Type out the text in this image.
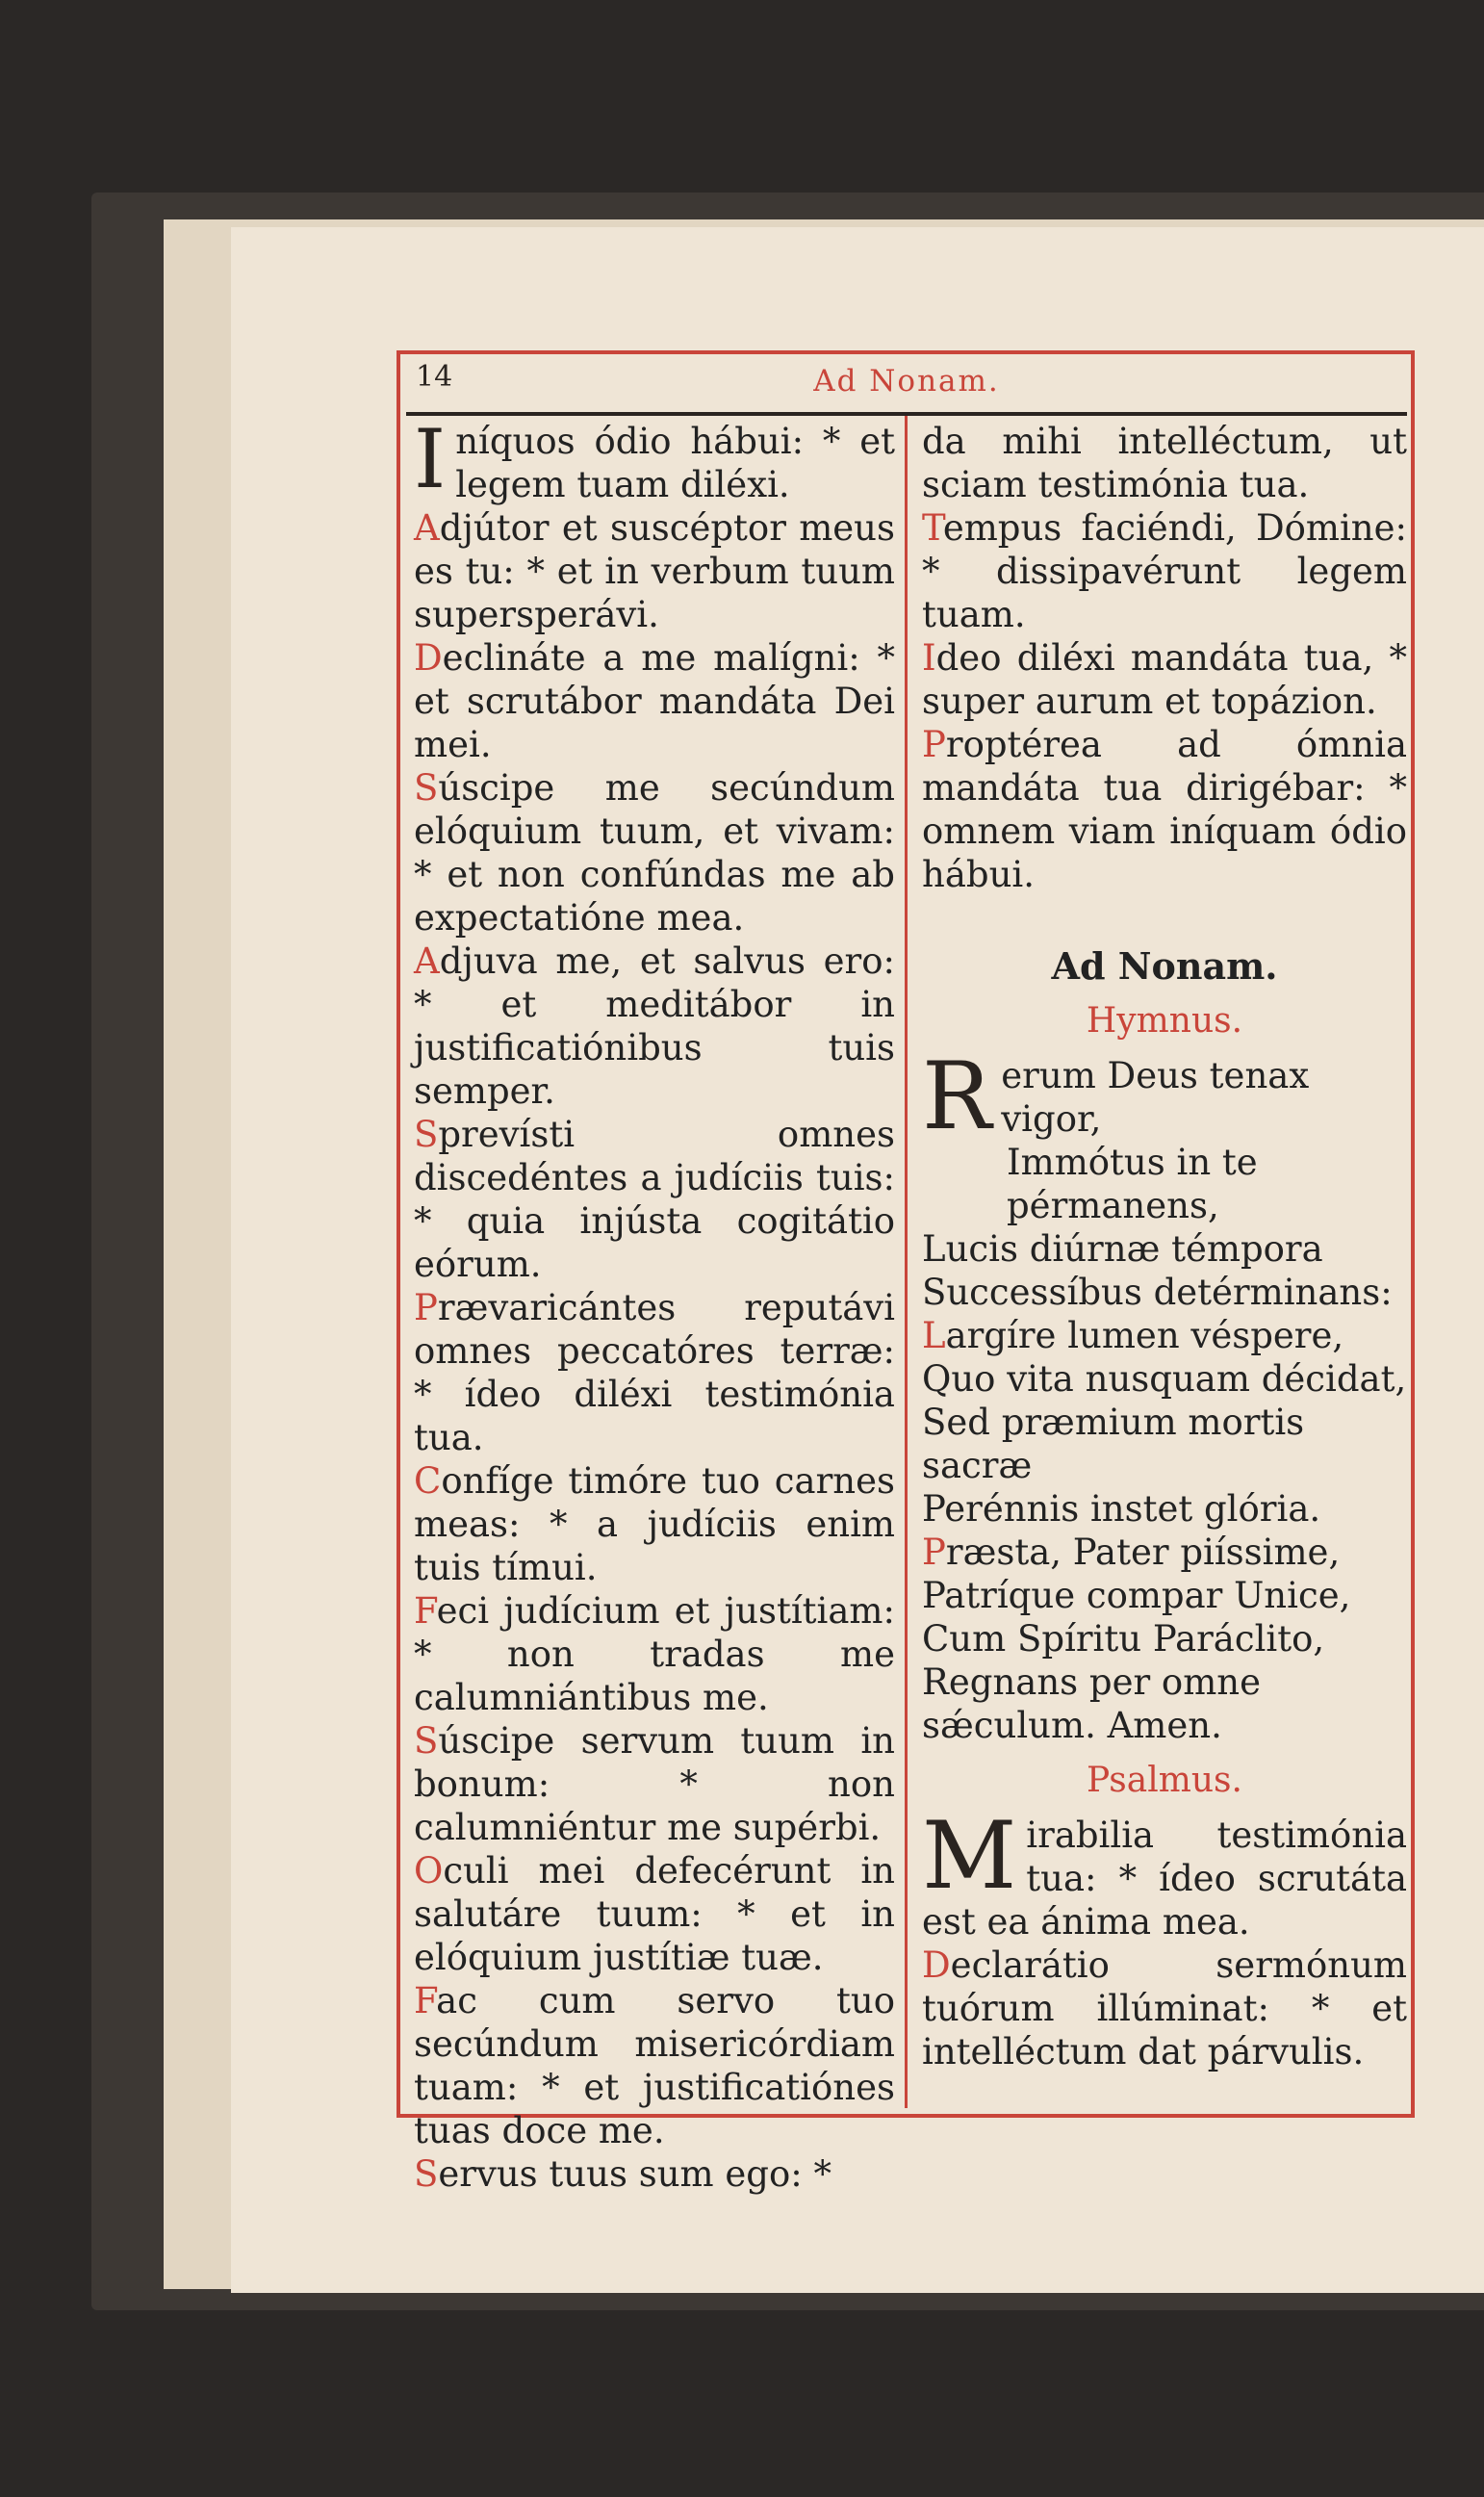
14	Ad Nonam.
Iníquos ódio hábui: * et legem tuam diléxi.
Adjútor et suscéptor meus es tu: * et in verbum tuum supersperávi.
Declináte a me malígni: * et scrutábor mandáta Dei mei.
Súscipe me secúndum elóquium tuum, et vivam: * et non confúndas me ab expectatióne mea.
Adjuva me, et salvus ero: * et meditábor in justificatiónibus tuis semper.
Sprevísti omnes discedéntes a judíciis tuis: * quia injústa cogitátio eórum.
Prævaricántes reputávi omnes peccatóres terræ: * ídeo diléxi testimónia tua.
Confíge timóre tuo carnes meas: * a judíciis enim tuis tímui.
Feci judícium et justítiam: * non tradas me calumniántibus me.
Súscipe servum tuum in bonum: * non calumniéntur me supérbi.
Oculi mei defecérunt in salutáre tuum: * et in elóquium justítiæ tuæ.
Fac cum servo tuo secúndum misericórdiam tuam: * et justificatiónes tuas doce me.
Servus tuus sum ego: *
da mihi intelléctum, ut sciam testimónia tua.
Tempus faciéndi, Dómine: * dissipavérunt legem tuam.
Ideo diléxi mandáta tua, * super aurum et topázion.
Proptérea ad ómnia mandáta tua dirigébar: * omnem viam iníquam ódio hábui.
Ad Nonam.
Hymnus.
R erum Deus tenax vigor,
Immótus in te pérmanens,
Lucis diúrnæ témpora
Successíbus detérminans:
Largíre lumen véspere,
Quo vita nusquam décidat,
Sed præmium mortis sacræ
Perénnis instet glória.
Præsta, Pater piíssime,
Patríque compar Unice,
Cum Spíritu Paráclito,
Regnans per omne sǽculum. Amen.
Psalmus.
M irabilia testimónia tua: * ídeo scrutáta est ea ánima mea.
Declarátio sermónum tuórum illúminat: * et intelléctum dat párvulis.
